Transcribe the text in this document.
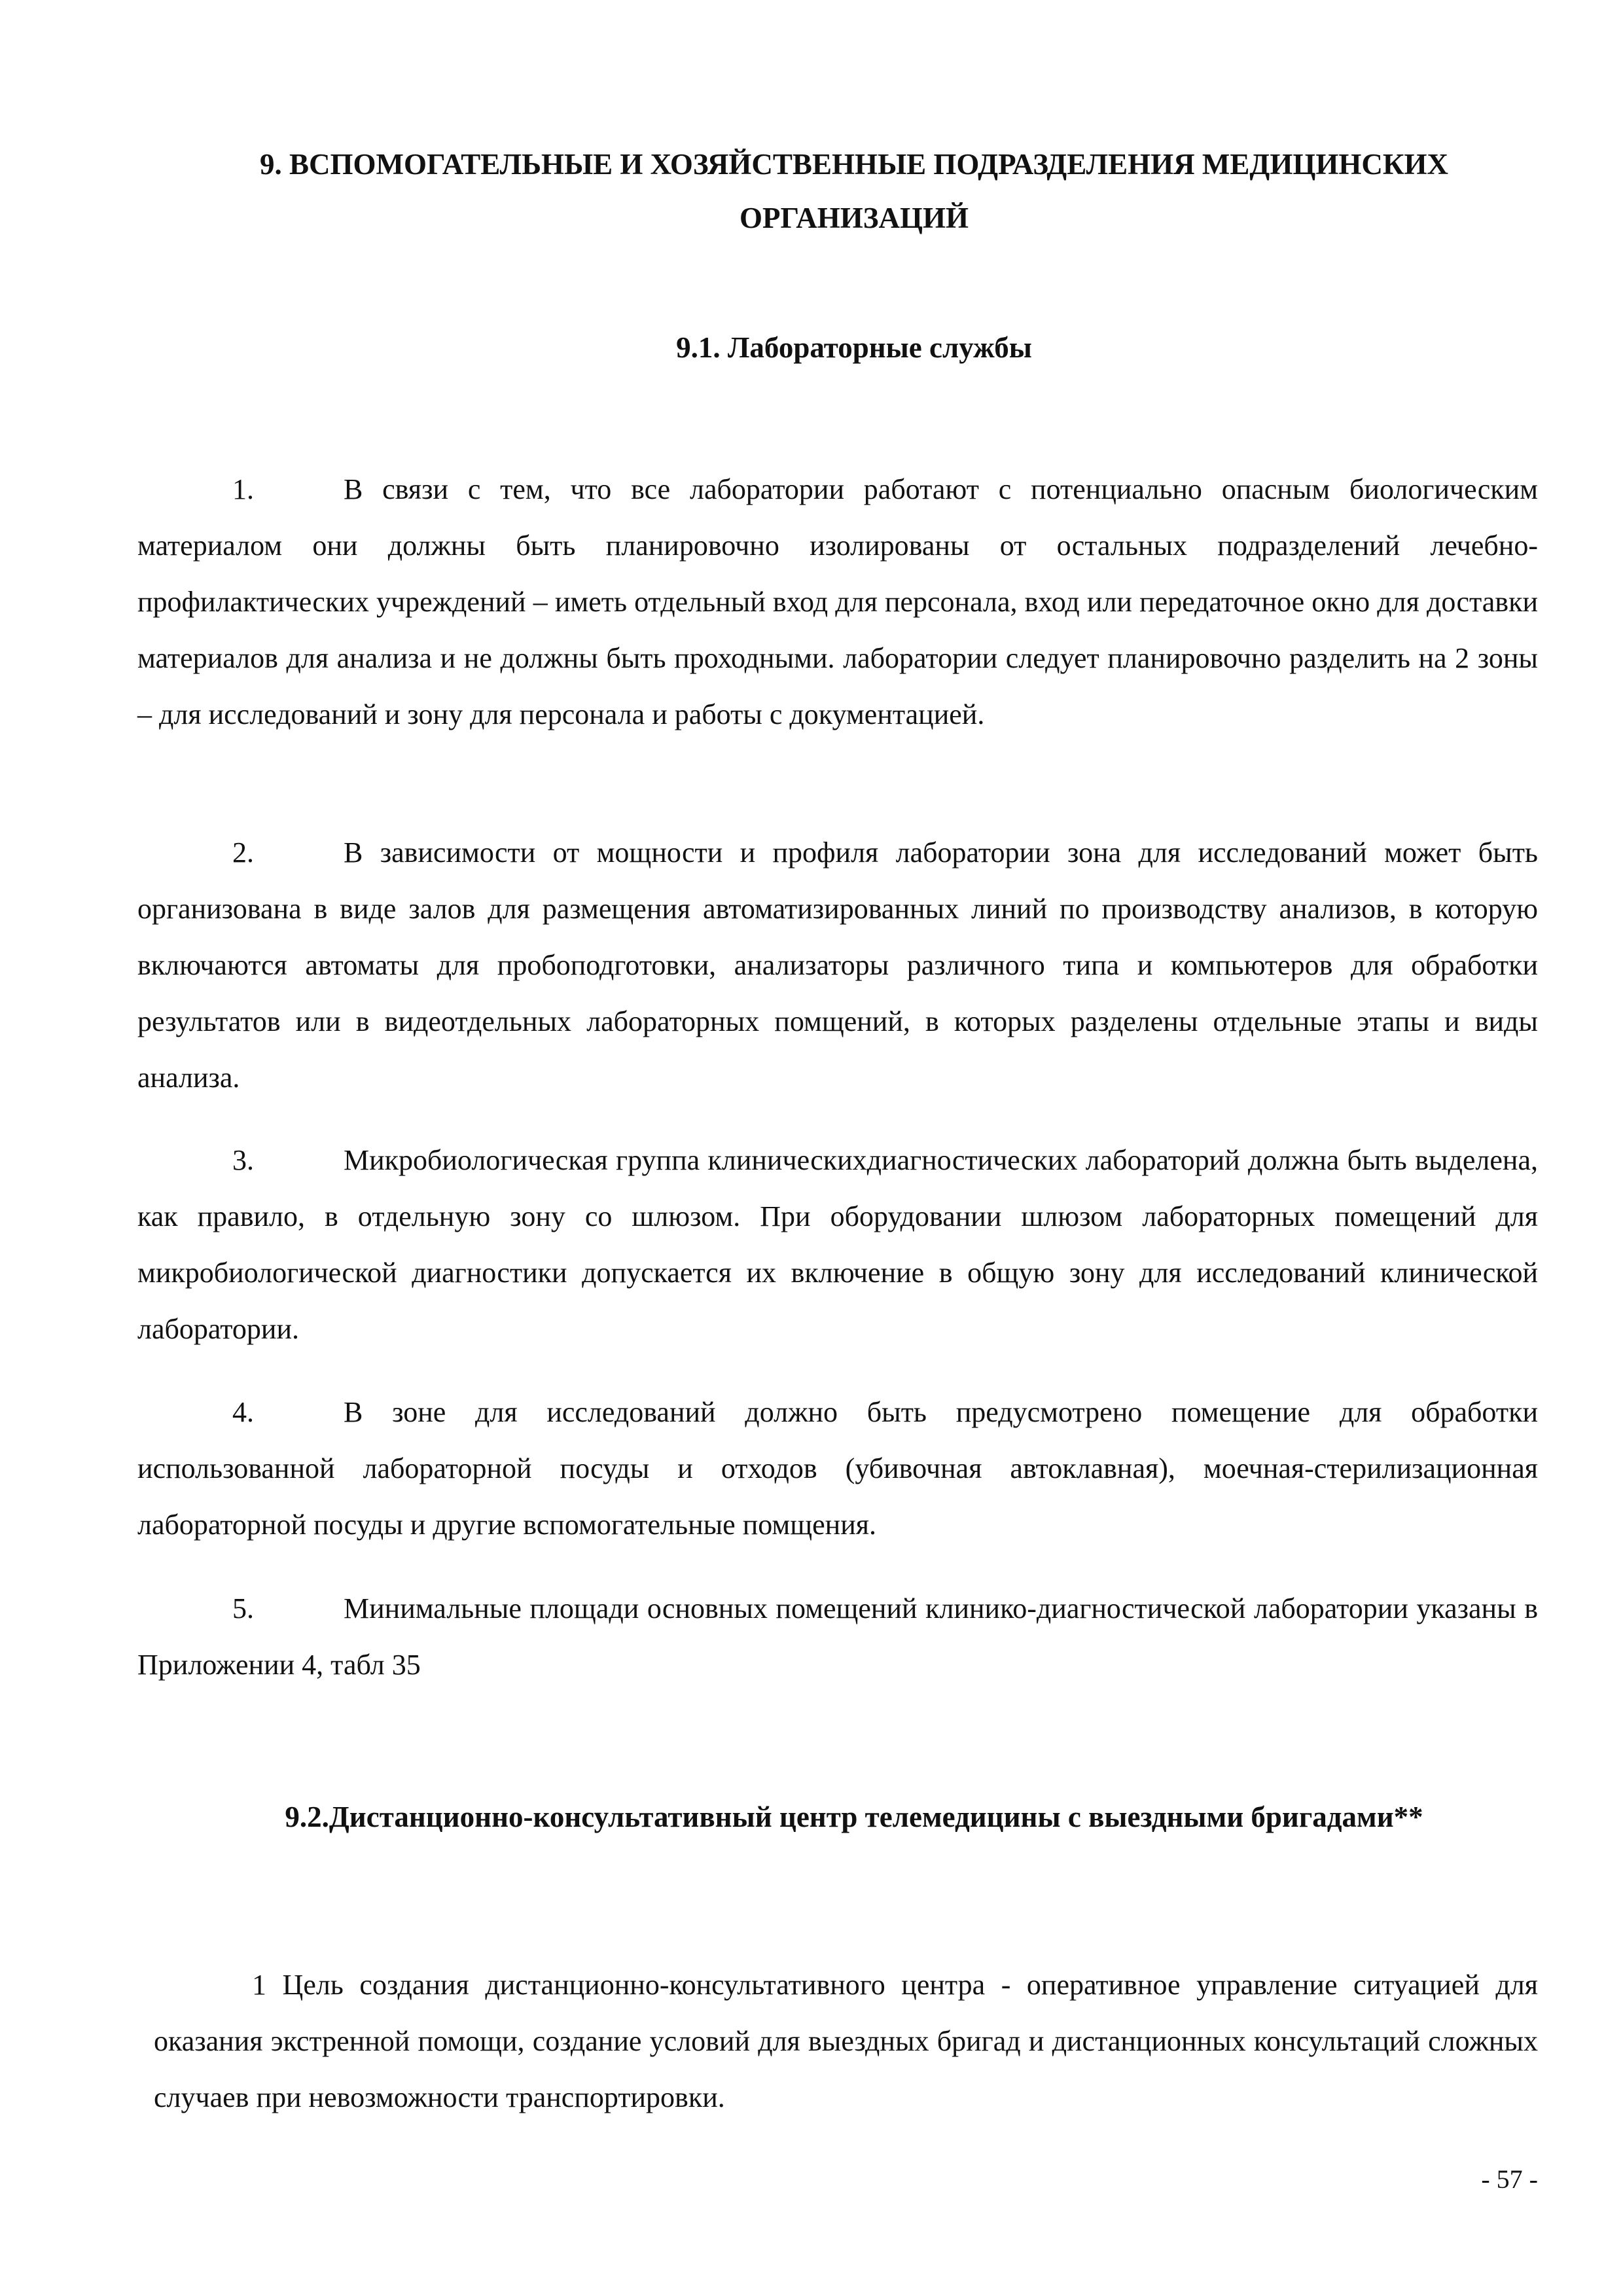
9. ВСПОМОГАТЕЛЬНЫЕ И ХОЗЯЙСТВЕННЫЕ ПОДРАЗДЕЛЕНИЯ МЕДИЦИНСКИХ
ОРГАНИЗАЦИЙ
9.1. Лабораторные службы

1.	В связи с тем, что все лаборатории работают с потенциально опасным биологическим материалом они должны быть планировочно изолированы от остальных подразделений лечебно-профилактических учреждений – иметь отдельный вход для персонала, вход или передаточное окно для доставки материалов для анализа и не должны быть проходными. лаборатории следует планировочно разделить на 2 зоны – для исследований и зону для персонала и работы с документацией.

2.	В зависимости от мощности и профиля лаборатории зона для исследований может быть организована в виде залов для размещения автоматизированных линий по производству анализов, в которую включаются автоматы для пробоподготовки, анализаторы различного типа и компьютеров для обработки результатов или в видеотдельных лабораторных помщений, в которых разделены отдельные этапы и виды анализа.

3.	Микробиологическая группа клиническихдиагностических лабораторий должна быть выделена, как правило, в отдельную зону со шлюзом. При оборудовании шлюзом лабораторных помещений для микробиологической диагностики допускается их включение в общую зону для исследований клинической лаборатории.

4.	В зоне для исследований должно быть предусмотрено помещение для обработки использованной лабораторной посуды и отходов (убивочная автоклавная), моечная-стерилизационная лабораторной посуды и другие вспомогательные помщения.

5.	Минимальные площади основных помещений клинико-диагностической лаборатории указаны в Приложении 4, табл 35

9.2.Дистанционно-консультативный центр телемедицины с выездными бригадами**

1 Цель создания дистанционно-консультативного центра - оперативное управление ситуацией для оказания экстренной помощи, создание условий для выездных бригад и дистанционных консультаций сложных случаев при невозможности транспортировки.

- 57 -
